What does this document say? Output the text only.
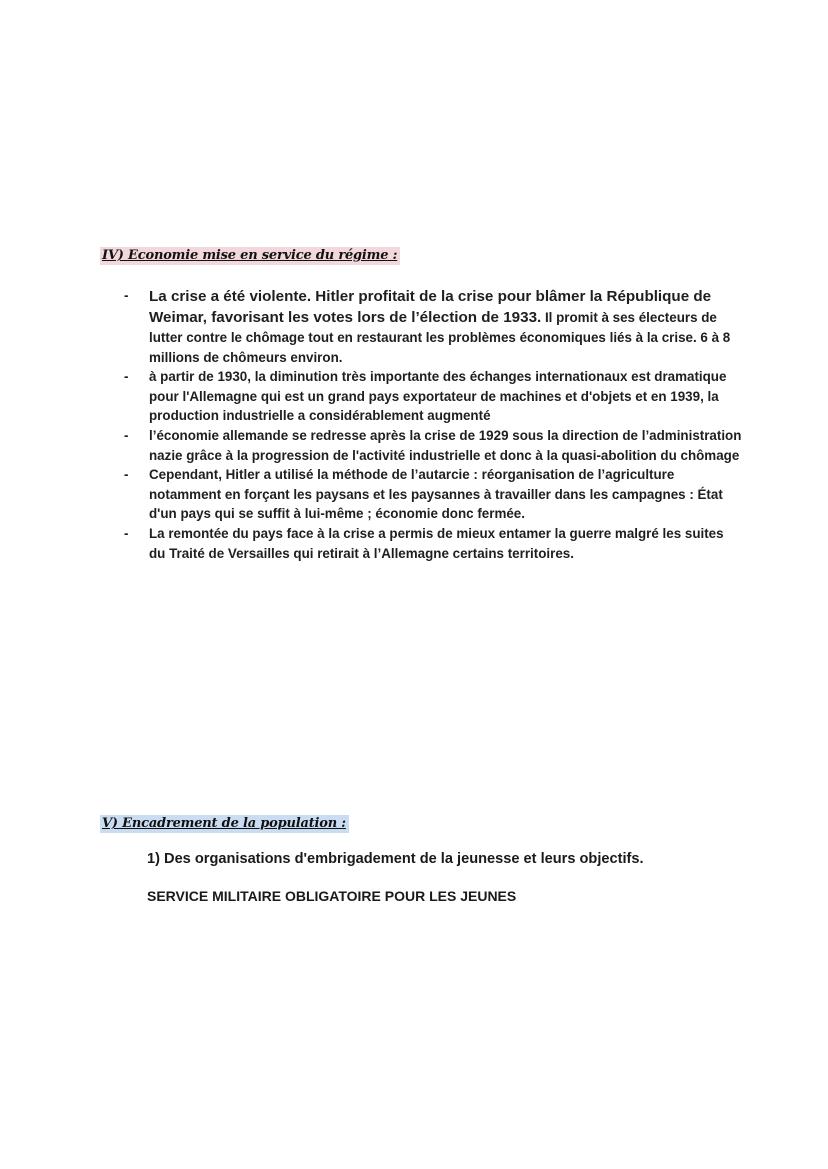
IV) Economie mise en service du régime :
- La crise a été violente. Hitler profitait de la crise pour blâmer la République de Weimar, favorisant les votes lors de l’élection de 1933. Il promit à ses électeurs de lutter contre le chômage tout en restaurant les problèmes économiques liés à la crise. 6 à 8 millions de chômeurs environ.
- à partir de 1930, la diminution très importante des échanges internationaux est dramatique pour l'Allemagne qui est un grand pays exportateur de machines et d'objets et en 1939, la production industrielle a considérablement augmenté
- l’économie allemande se redresse après la crise de 1929 sous la direction de l’administration nazie grâce à la progression de l'activité industrielle et donc à la quasi-abolition du chômage
- Cependant, Hitler a utilisé la méthode de l’autarcie : réorganisation de l’agriculture notamment en forçant les paysans et les paysannes à travailler dans les campagnes : État d'un pays qui se suffit à lui-même ; économie donc fermée.
- La remontée du pays face à la crise a permis de mieux entamer la guerre malgré les suites du Traité de Versailles qui retirait à l’Allemagne certains territoires.
V) Encadrement de la population :
1) Des organisations d'embrigadement de la jeunesse et leurs objectifs.
SERVICE MILITAIRE OBLIGATOIRE POUR LES JEUNES
